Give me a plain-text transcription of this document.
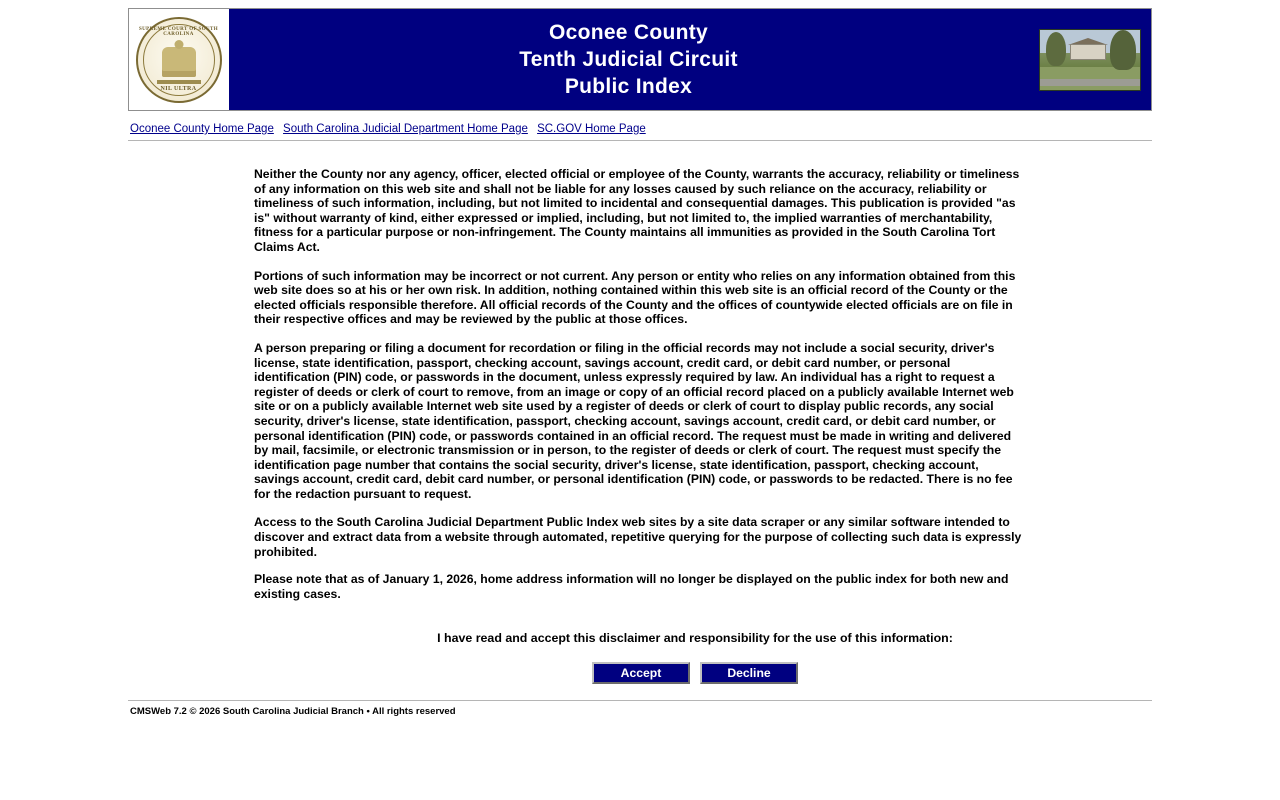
SUPREME COURT OF SOUTH CAROLINA
NIL ULTRA
Oconee County
Tenth Judicial Circuit
Public Index
Oconee County Home Page South Carolina Judicial Department Home Page SC.GOV Home Page

Neither the County nor any agency, officer, elected official or employee of the County, warrants the accuracy, reliability or timeliness of any information on this web site and shall not be liable for any losses caused by such reliance on the accuracy, reliability or timeliness of such information, including, but not limited to incidental and consequential damages. This publication is provided "as is" without warranty of kind, either expressed or implied, including, but not limited to, the implied warranties of merchantability, fitness for a particular purpose or non-infringement. The County maintains all immunities as provided in the South Carolina Tort Claims Act.

Portions of such information may be incorrect or not current. Any person or entity who relies on any information obtained from this web site does so at his or her own risk. In addition, nothing contained within this web site is an official record of the County or the elected officials responsible therefore. All official records of the County and the offices of countywide elected officials are on file in their respective offices and may be reviewed by the public at those offices.

A person preparing or filing a document for recordation or filing in the official records may not include a social security, driver's license, state identification, passport, checking account, savings account, credit card, or debit card number, or personal identification (PIN) code, or passwords in the document, unless expressly required by law. An individual has a right to request a register of deeds or clerk of court to remove, from an image or copy of an official record placed on a publicly available Internet web site or on a publicly available Internet web site used by a register of deeds or clerk of court to display public records, any social security, driver's license, state identification, passport, checking account, savings account, credit card, or debit card number, or personal identification (PIN) code, or passwords contained in an official record. The request must be made in writing and delivered by mail, facsimile, or electronic transmission or in person, to the register of deeds or clerk of court. The request must specify the identification page number that contains the social security, driver's license, state identification, passport, checking account, savings account, credit card, debit card number, or personal identification (PIN) code, or passwords to be redacted. There is no fee for the redaction pursuant to request.

Access to the South Carolina Judicial Department Public Index web sites by a site data scraper or any similar software intended to discover and extract data from a website through automated, repetitive querying for the purpose of collecting such data is expressly prohibited.

Please note that as of January 1, 2026, home address information will no longer be displayed on the public index for both new and existing cases.

I have read and accept this disclaimer and responsibility for the use of this information:
Accept	Decline
CMSWeb 7.2 © 2026 South Carolina Judicial Branch • All rights reserved
